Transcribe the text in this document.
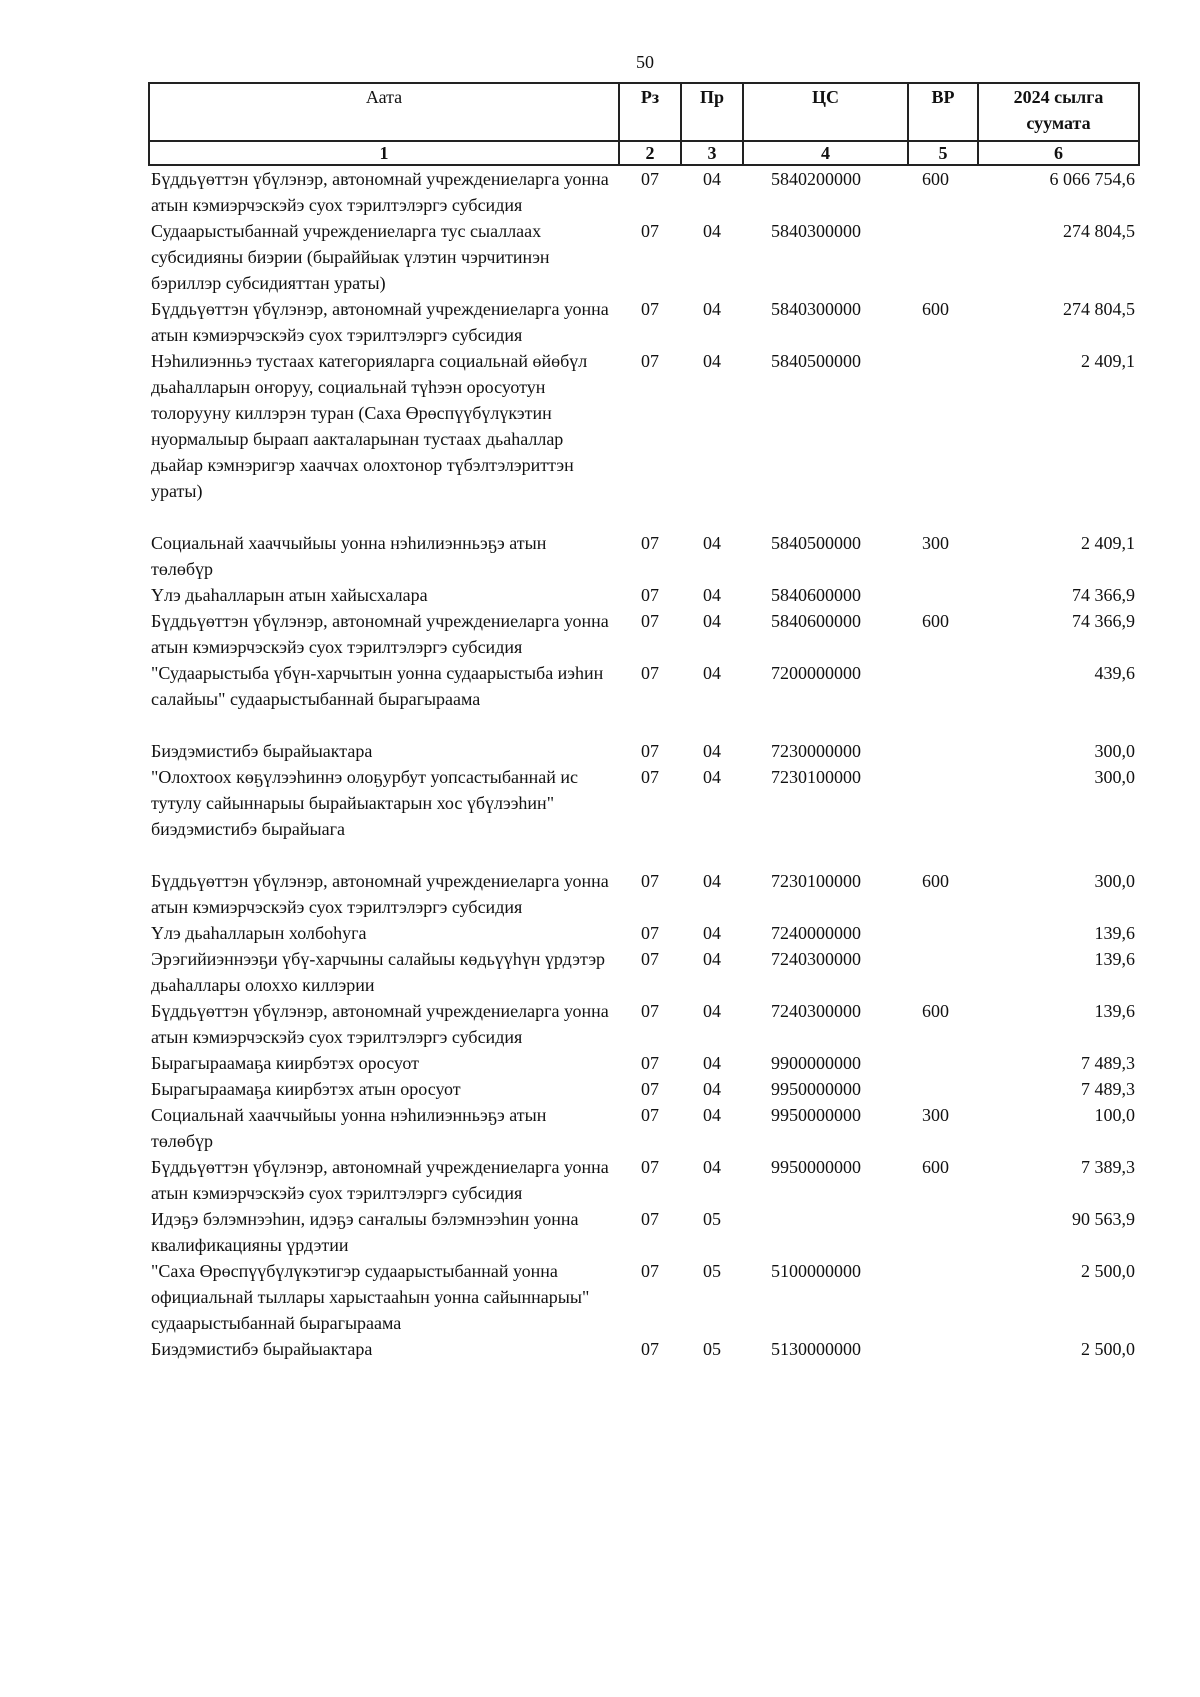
50
Аата	Рз	Пр	ЦС	ВР	2024 сылга суумата
1	2	3	4	5	6
Бүддьүөттэн үбүлэнэр, автономнай учреждениеларга уонна атын кэмиэрчэскэйэ суох тэрилтэлэргэ субсидия	07	04	5840200000	600	6 066 754,6
Судаарыстыбаннай учреждениеларга тус сыаллаах субсидияны биэрии (быраййыак үлэтин чэрчитинэн бэриллэр субсидияттан ураты)	07	04	5840300000		274 804,5
Бүддьүөттэн үбүлэнэр, автономнай учреждениеларга уонна атын кэмиэрчэскэйэ суох тэрилтэлэргэ субсидия	07	04	5840300000	600	274 804,5
Нэһилиэнньэ тустаах категорияларга социальнай өйөбүл дьаһалларын оҥоруу, социальнай түһээн оросуотун толорууну киллэрэн туран (Саха Өрөспүүбүлүкэтин нуормалыыр быраап аакталарынан тустаах дьаһаллар дьайар кэмнэригэр хааччах олохтонор түбэлтэлэриттэн ураты)	07	04	5840500000		2 409,1
Социальнай хааччыйыы уонна нэһилиэнньэҕэ атын төлөбүр	07	04	5840500000	300	2 409,1
Үлэ дьаһалларын атын хайысхалара	07	04	5840600000		74 366,9
Бүддьүөттэн үбүлэнэр, автономнай учреждениеларга уонна атын кэмиэрчэскэйэ суох тэрилтэлэргэ субсидия	07	04	5840600000	600	74 366,9
"Судаарыстыба үбүн-харчытын уонна судаарыстыба иэһин салайыы" судаарыстыбаннай бырагыраама	07	04	7200000000		439,6
Биэдэмистибэ бырайыактара	07	04	7230000000		300,0
"Олохтоох көҕүлээһиннэ олоҕурбут уопсастыбаннай ис тутулу сайыннарыы бырайыактарын хос үбүлээһин" биэдэмистибэ бырайыага	07	04	7230100000		300,0
Бүддьүөттэн үбүлэнэр, автономнай учреждениеларга уонна атын кэмиэрчэскэйэ суох тэрилтэлэргэ субсидия	07	04	7230100000	600	300,0
Үлэ дьаһалларын холбоһуга	07	04	7240000000		139,6
Эрэгийиэннээҕи үбү-харчыны салайыы көдьүүһүн үрдэтэр дьаһаллары олоххо киллэрии	07	04	7240300000		139,6
Бүддьүөттэн үбүлэнэр, автономнай учреждениеларга уонна атын кэмиэрчэскэйэ суох тэрилтэлэргэ субсидия	07	04	7240300000	600	139,6
Бырагыраамаҕа киирбэтэх оросуот	07	04	9900000000		7 489,3
Бырагыраамаҕа киирбэтэх атын оросуот	07	04	9950000000		7 489,3
Социальнай хааччыйыы уонна нэһилиэнньэҕэ атын төлөбүр	07	04	9950000000	300	100,0
Бүддьүөттэн үбүлэнэр, автономнай учреждениеларга уонна атын кэмиэрчэскэйэ суох тэрилтэлэргэ субсидия	07	04	9950000000	600	7 389,3
Идэҕэ бэлэмнээһин, идэҕэ саҥалыы бэлэмнээһин уонна квалификацияны үрдэтии	07	05			90 563,9
"Саха Өрөспүүбүлүкэтигэр судаарыстыбаннай уонна официальнай тыллары харыстааһын уонна сайыннарыы" судаарыстыбаннай бырагыраама	07	05	5100000000		2 500,0
Биэдэмистибэ бырайыактара	07	05	5130000000		2 500,0
